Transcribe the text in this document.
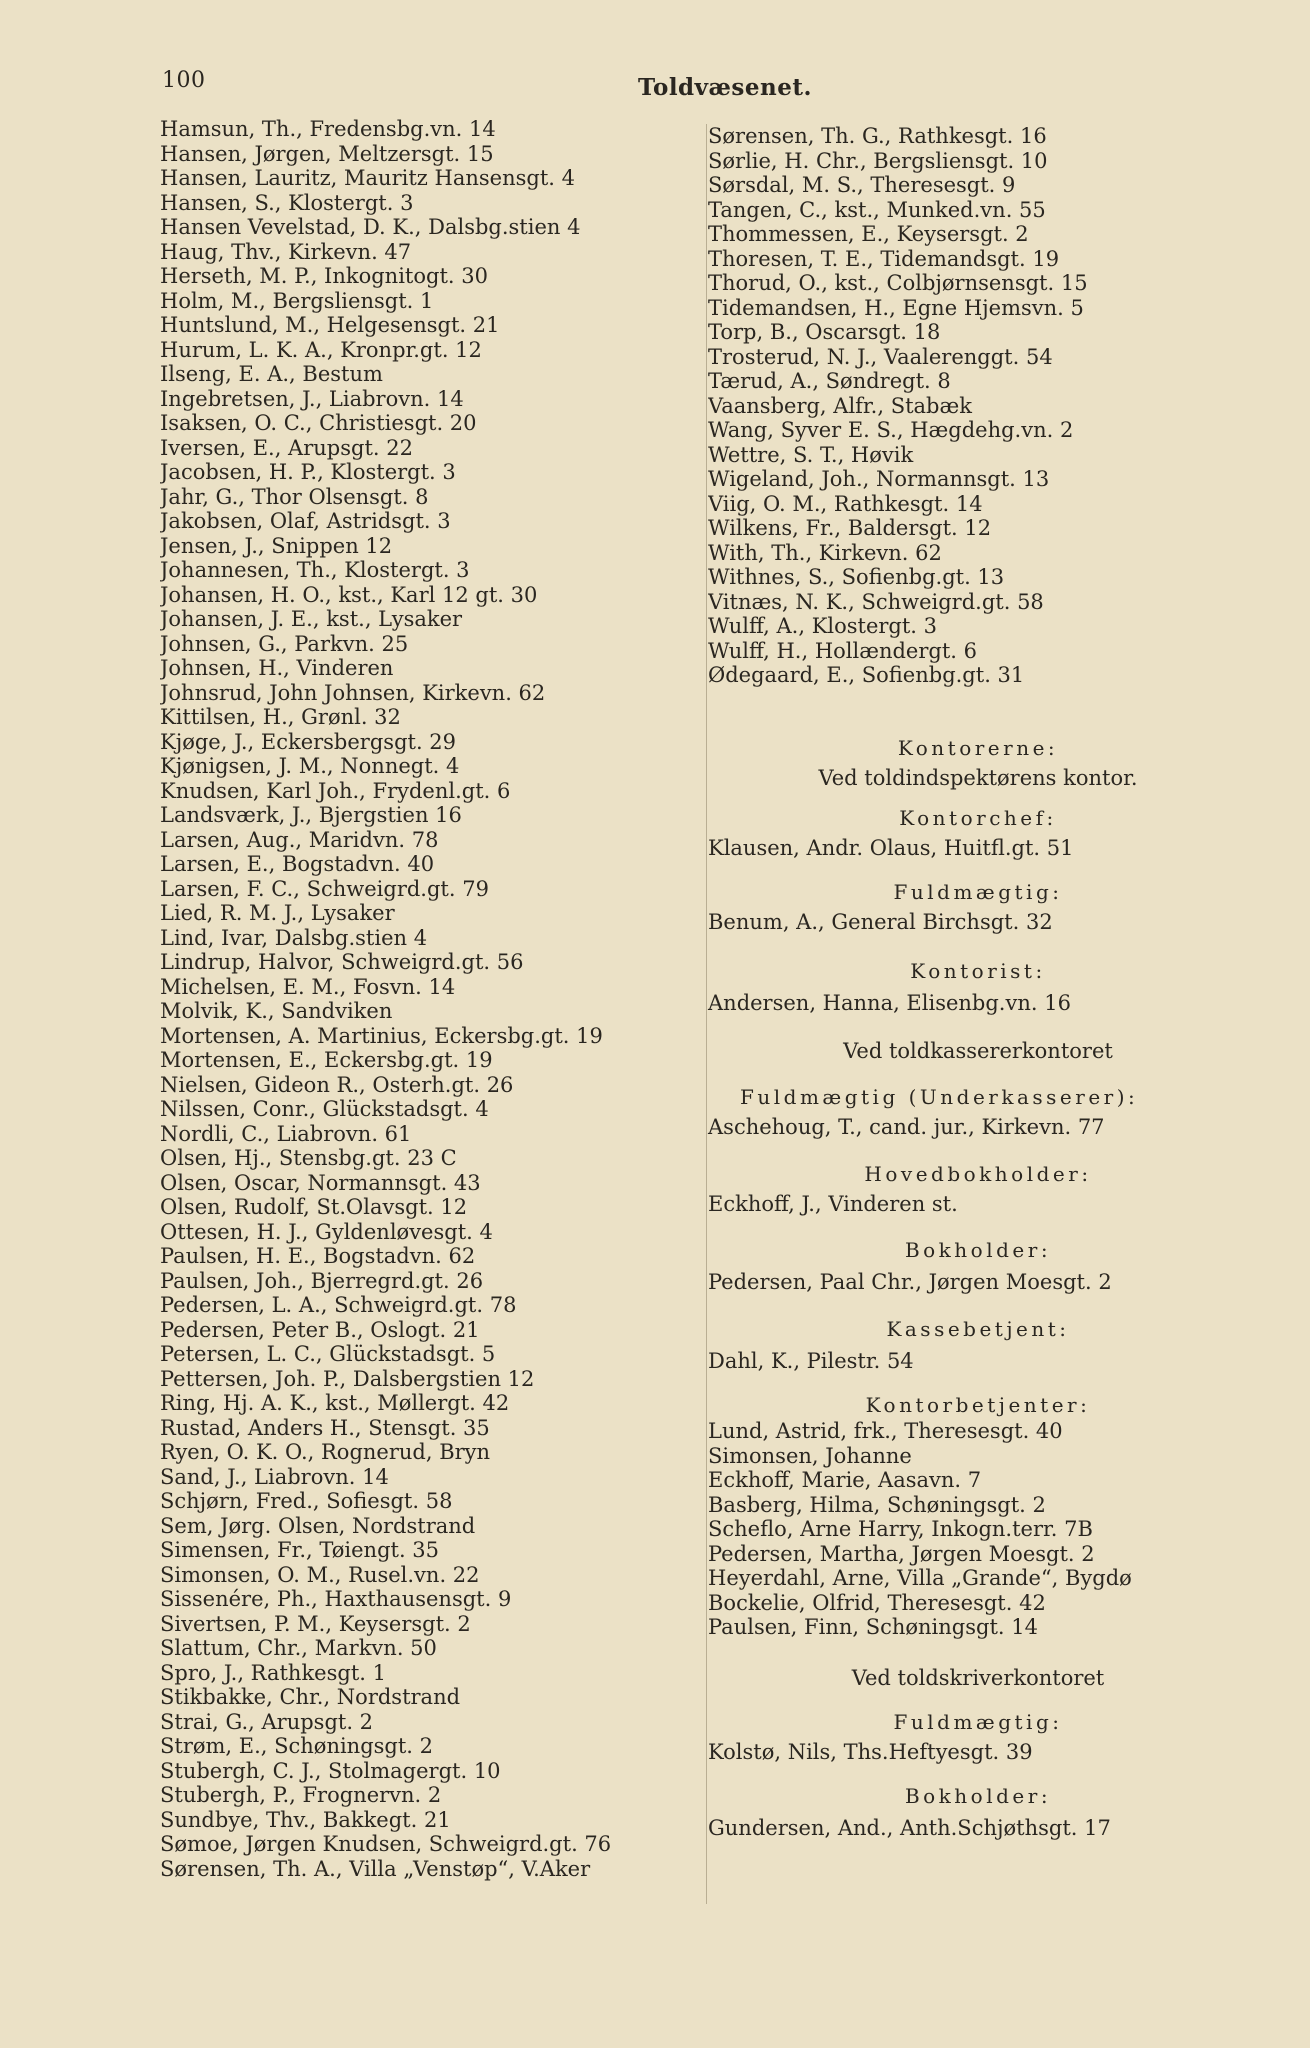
100	Toldvæsenet.
Hamsun, Th., Fredensbg.vn. 14
Hansen, Jørgen, Meltzersgt. 15
Hansen, Lauritz, Mauritz Hansensgt. 4
Hansen, S., Klostergt. 3
Hansen Vevelstad, D. K., Dalsbg.stien 4
Haug, Thv., Kirkevn. 47
Herseth, M. P., Inkognitogt. 30
Holm, M., Bergsliensgt. 1
Huntslund, M., Helgesensgt. 21
Hurum, L. K. A., Kronpr.gt. 12
Ilseng, E. A., Bestum
Ingebretsen, J., Liabrovn. 14
Isaksen, O. C., Christiesgt. 20
Iversen, E., Arupsgt. 22
Jacobsen, H. P., Klostergt. 3
Jahr, G., Thor Olsensgt. 8
Jakobsen, Olaf, Astridsgt. 3
Jensen, J., Snippen 12
Johannesen, Th., Klostergt. 3
Johansen, H. O., kst., Karl 12 gt. 30
Johansen, J. E., kst., Lysaker
Johnsen, G., Parkvn. 25
Johnsen, H., Vinderen
Johnsrud, John Johnsen, Kirkevn. 62
Kittilsen, H., Grønl. 32
Kjøge, J., Eckersbergsgt. 29
Kjønigsen, J. M., Nonnegt. 4
Knudsen, Karl Joh., Frydenl.gt. 6
Landsværk, J., Bjergstien 16
Larsen, Aug., Maridvn. 78
Larsen, E., Bogstadvn. 40
Larsen, F. C., Schweigrd.gt. 79
Lied, R. M. J., Lysaker
Lind, Ivar, Dalsbg.stien 4
Lindrup, Halvor, Schweigrd.gt. 56
Michelsen, E. M., Fosvn. 14
Molvik, K., Sandviken
Mortensen, A. Martinius, Eckersbg.gt. 19
Mortensen, E., Eckersbg.gt. 19
Nielsen, Gideon R., Osterh.gt. 26
Nilssen, Conr., Glückstadsgt. 4
Nordli, C., Liabrovn. 61
Olsen, Hj., Stensbg.gt. 23 C
Olsen, Oscar, Normannsgt. 43
Olsen, Rudolf, St.Olavsgt. 12
Ottesen, H. J., Gyldenløvesgt. 4
Paulsen, H. E., Bogstadvn. 62
Paulsen, Joh., Bjerregrd.gt. 26
Pedersen, L. A., Schweigrd.gt. 78
Pedersen, Peter B., Oslogt. 21
Petersen, L. C., Glückstadsgt. 5
Pettersen, Joh. P., Dalsbergstien 12
Ring, Hj. A. K., kst., Møllergt. 42
Rustad, Anders H., Stensgt. 35
Ryen, O. K. O., Rognerud, Bryn
Sand, J., Liabrovn. 14
Schjørn, Fred., Sofiesgt. 58
Sem, Jørg. Olsen, Nordstrand
Simensen, Fr., Tøiengt. 35
Simonsen, O. M., Rusel.vn. 22
Sissenére, Ph., Haxthausensgt. 9
Sivertsen, P. M., Keysersgt. 2
Slattum, Chr., Markvn. 50
Spro, J., Rathkesgt. 1
Stikbakke, Chr., Nordstrand
Strai, G., Arupsgt. 2
Strøm, E., Schøningsgt. 2
Stubergh, C. J., Stolmagergt. 10
Stubergh, P., Frognervn. 2
Sundbye, Thv., Bakkegt. 21
Sømoe, Jørgen Knudsen, Schweigrd.gt. 76
Sørensen, Th. A., Villa „Venstøp“, V.Aker
Sørensen, Th. G., Rathkesgt. 16
Sørlie, H. Chr., Bergsliensgt. 10
Sørsdal, M. S., Theresesgt. 9
Tangen, C., kst., Munked.vn. 55
Thommessen, E., Keysersgt. 2
Thoresen, T. E., Tidemandsgt. 19
Thorud, O., kst., Colbjørnsensgt. 15
Tidemandsen, H., Egne Hjemsvn. 5
Torp, B., Oscarsgt. 18
Trosterud, N. J., Vaalerenggt. 54
Tærud, A., Søndregt. 8
Vaansberg, Alfr., Stabæk
Wang, Syver E. S., Hægdehg.vn. 2
Wettre, S. T., Høvik
Wigeland, Joh., Normannsgt. 13
Viig, O. M., Rathkesgt. 14
Wilkens, Fr., Baldersgt. 12
With, Th., Kirkevn. 62
Withnes, S., Sofienbg.gt. 13
Vitnæs, N. K., Schweigrd.gt. 58
Wulff, A., Klostergt. 3
Wulff, H., Hollændergt. 6
Ødegaard, E., Sofienbg.gt. 31
Kontorerne:
Ved toldindspektørens kontor.
Kontorchef:
Klausen, Andr. Olaus, Huitfl.gt. 51
Fuldmægtig:
Benum, A., General Birchsgt. 32
Kontorist:
Andersen, Hanna, Elisenbg.vn. 16
Ved toldkassererkontoret
Fuldmægtig (Underkasserer):
Aschehoug, T., cand. jur., Kirkevn. 77
Hovedbokholder:
Eckhoff, J., Vinderen st.
Bokholder:
Pedersen, Paal Chr., Jørgen Moesgt. 2
Kassebetjent:
Dahl, K., Pilestr. 54
Kontorbetjenter:
Lund, Astrid, frk., Theresesgt. 40
Simonsen, Johanne
Eckhoff, Marie, Aasavn. 7
Basberg, Hilma, Schøningsgt. 2
Scheflo, Arne Harry, Inkogn.terr. 7B
Pedersen, Martha, Jørgen Moesgt. 2
Heyerdahl, Arne, Villa „Grande“, Bygdø
Bockelie, Olfrid, Theresesgt. 42
Paulsen, Finn, Schøningsgt. 14
Ved toldskriverkontoret
Fuldmægtig:
Kolstø, Nils, Ths.Heftyesgt. 39
Bokholder:
Gundersen, And., Anth.Schjøthsgt. 17
